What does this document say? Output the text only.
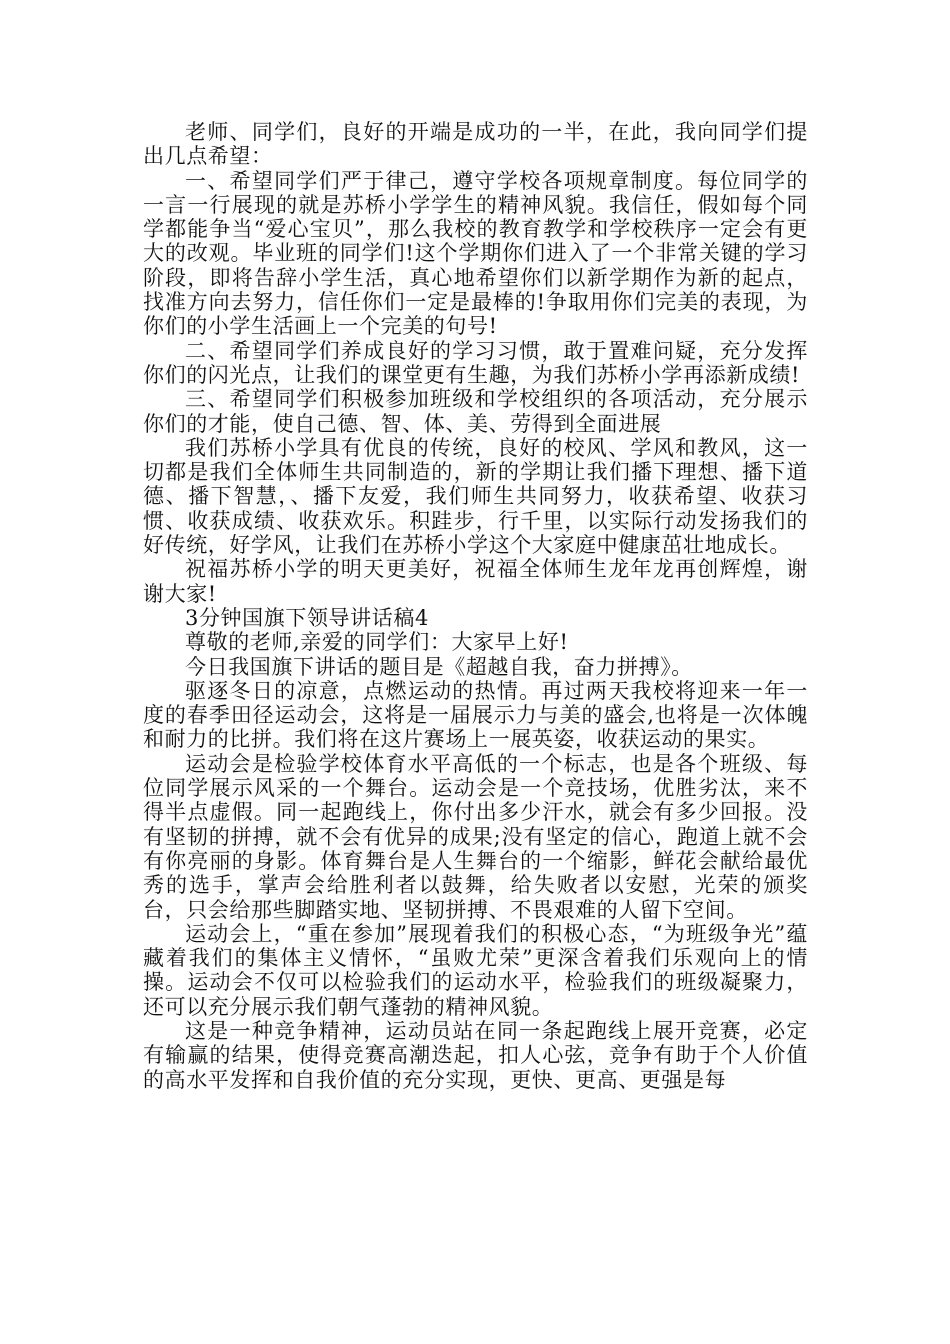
老师、同学们，良好的开端是成功的一半，在此，我向同学们提出几点希望：

一、希望同学们严于律己，遵守学校各项规章制度。每位同学的一言一行展现的就是苏桥小学学生的精神风貌。我信任，假如每个同学都能争当“爱心宝贝”，那么我校的教育教学和学校秩序一定会有更大的改观。毕业班的同学们!这个学期你们进入了一个非常关键的学习阶段，即将告辞小学生活，真心地希望你们以新学期作为新的起点，找准方向去努力，信任你们一定是最棒的!争取用你们完美的表现，为你们的小学生活画上一个完美的句号!

二、希望同学们养成良好的学习习惯，敢于置难问疑，充分发挥你们的闪光点，让我们的课堂更有生趣，为我们苏桥小学再添新成绩!

三、希望同学们积极参加班级和学校组织的各项活动，充分展示你们的才能，使自己德、智、体、美、劳得到全面进展

我们苏桥小学具有优良的传统，良好的校风、学风和教风，这一切都是我们全体师生共同制造的，新的学期让我们播下理想、播下道德、播下智慧，、播下友爱，我们师生共同努力，收获希望、收获习惯、收获成绩、收获欢乐。积跬步，行千里，以实际行动发扬我们的好传统，好学风，让我们在苏桥小学这个大家庭中健康茁壮地成长。

祝福苏桥小学的明天更美好，祝福全体师生龙年龙再创辉煌，谢谢大家!

3分钟国旗下领导讲话稿4

尊敬的老师,亲爱的同学们：大家早上好!

今日我国旗下讲话的题目是《超越自我，奋力拼搏》。

驱逐冬日的凉意，点燃运动的热情。再过两天我校将迎来一年一度的春季田径运动会，这将是一届展示力与美的盛会,也将是一次体魄和耐力的比拼。我们将在这片赛场上一展英姿，收获运动的果实。

运动会是检验学校体育水平高低的一个标志，也是各个班级、每位同学展示风采的一个舞台。运动会是一个竞技场，优胜劣汰，来不得半点虚假。同一起跑线上，你付出多少汗水，就会有多少回报。没有坚韧的拼搏，就不会有优异的成果;没有坚定的信心，跑道上就不会有你亮丽的身影。体育舞台是人生舞台的一个缩影，鲜花会献给最优秀的选手，掌声会给胜利者以鼓舞，给失败者以安慰，光荣的颁奖台，只会给那些脚踏实地、坚韧拼搏、不畏艰难的人留下空间。

运动会上，“重在参加”展现着我们的积极心态，“为班级争光”蕴藏着我们的集体主义情怀，“虽败尤荣”更深含着我们乐观向上的情操。运动会不仅可以检验我们的运动水平，检验我们的班级凝聚力，还可以充分展示我们朝气蓬勃的精神风貌。

这是一种竞争精神，运动员站在同一条起跑线上展开竞赛，必定有输赢的结果，使得竞赛高潮迭起，扣人心弦，竞争有助于个人价值的高水平发挥和自我价值的充分实现，更快、更高、更强是每
